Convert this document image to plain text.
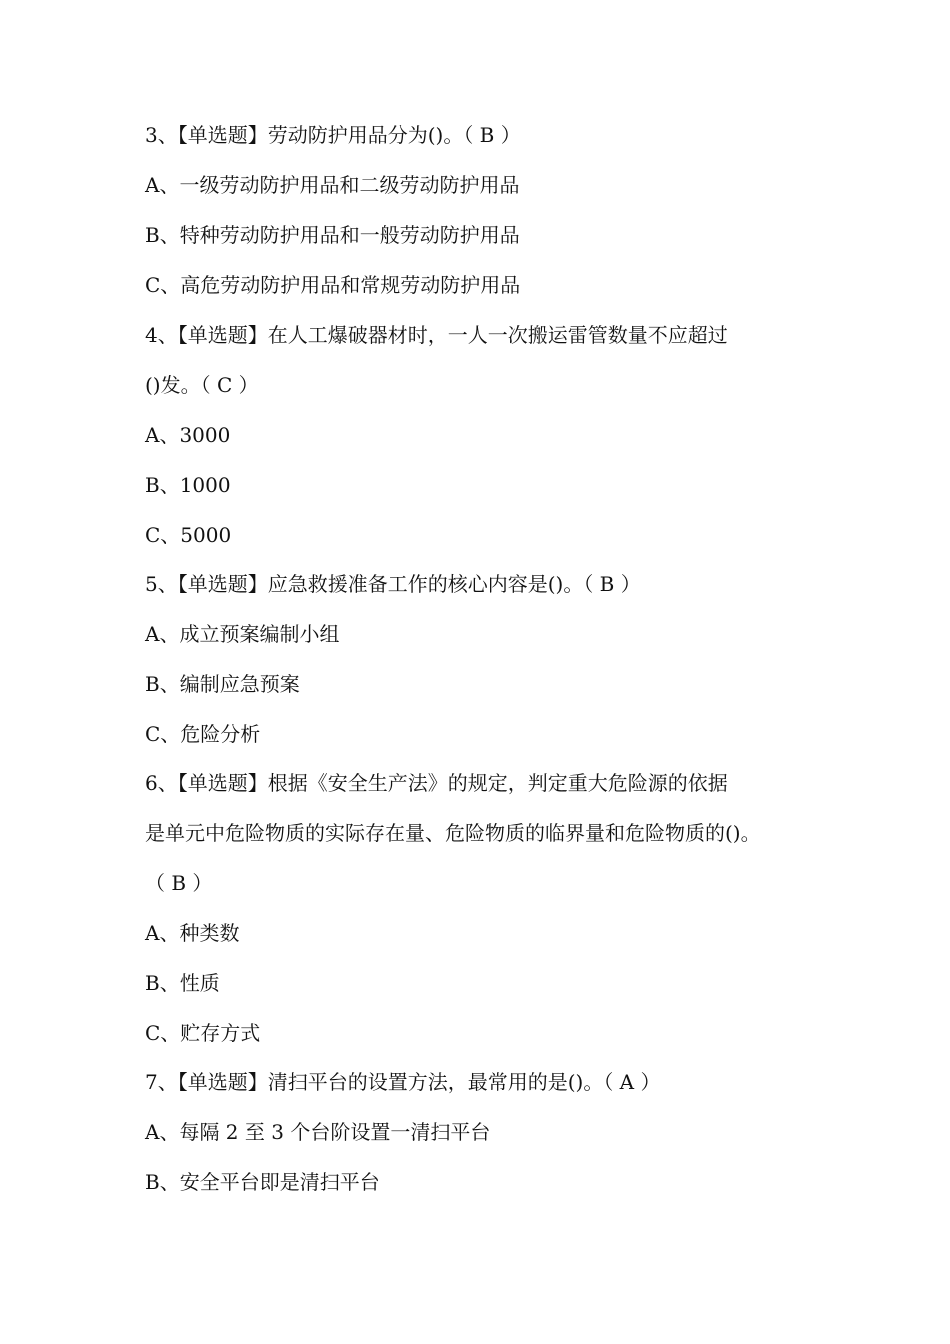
3、【单选题】劳动防护用品分为()。（ B ）
A、一级劳动防护用品和二级劳动防护用品
B、特种劳动防护用品和一般劳动防护用品
C、高危劳动防护用品和常规劳动防护用品
4、【单选题】在人工爆破器材时，一人一次搬运雷管数量不应超过
()发。（ C ）
A、3000
B、1000
C、5000
5、【单选题】应急救援准备工作的核心内容是()。（ B ）
A、成立预案编制小组
B、编制应急预案
C、危险分析
6、【单选题】根据《安全生产法》的规定，判定重大危险源的依据
是单元中危险物质的实际存在量、危险物质的临界量和危险物质的()。
（ B ）
A、种类数
B、性质
C、贮存方式
7、【单选题】清扫平台的设置方法，最常用的是()。（ A ）
A、每隔 2 至 3 个台阶设置一清扫平台
B、安全平台即是清扫平台
